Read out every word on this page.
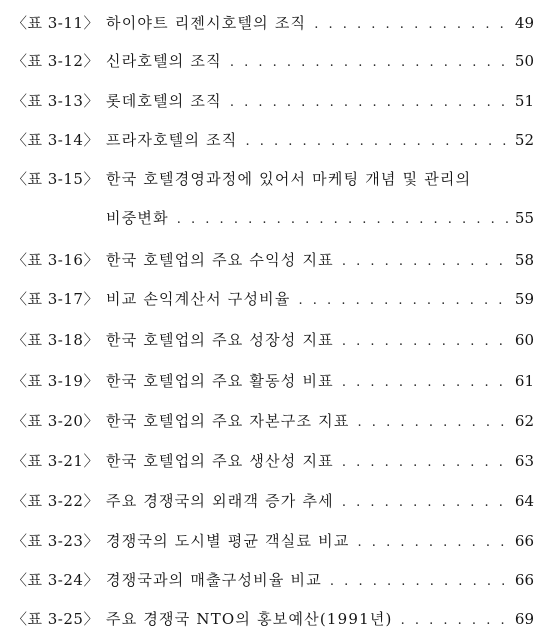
〈표 3-11〉 하이야트 리젠시호텔의 조직 . . .	49
〈표 3-12〉 신라호텔의 조직 . . .	50
〈표 3-13〉 롯데호텔의 조직 . . .	51
〈표 3-14〉 프라자호텔의 조직 . . .	52
〈표 3-15〉 한국 호텔경영과정에 있어서 마케팅 개념 및 관리의
비중변화 . . .	55
〈표 3-16〉 한국 호텔업의 주요 수익성 지표 . . .	58
〈표 3-17〉 비교 손익계산서 구성비율 . . .	59
〈표 3-18〉 한국 호텔업의 주요 성장성 지표 . . .	60
〈표 3-19〉 한국 호텔업의 주요 활동성 비표 . . .	61
〈표 3-20〉 한국 호텔업의 주요 자본구조 지표 . . .	62
〈표 3-21〉 한국 호텔업의 주요 생산성 지표 . . .	63
〈표 3-22〉 주요 경쟁국의 외래객 증가 추세 . . .	64
〈표 3-23〉 경쟁국의 도시별 평균 객실료 비교 . . .	66
〈표 3-24〉 경쟁국과의 매출구성비율 비교 . . .	66
〈표 3-25〉 주요 경쟁국 NTO의 홍보예산(1991년) . . .	69
